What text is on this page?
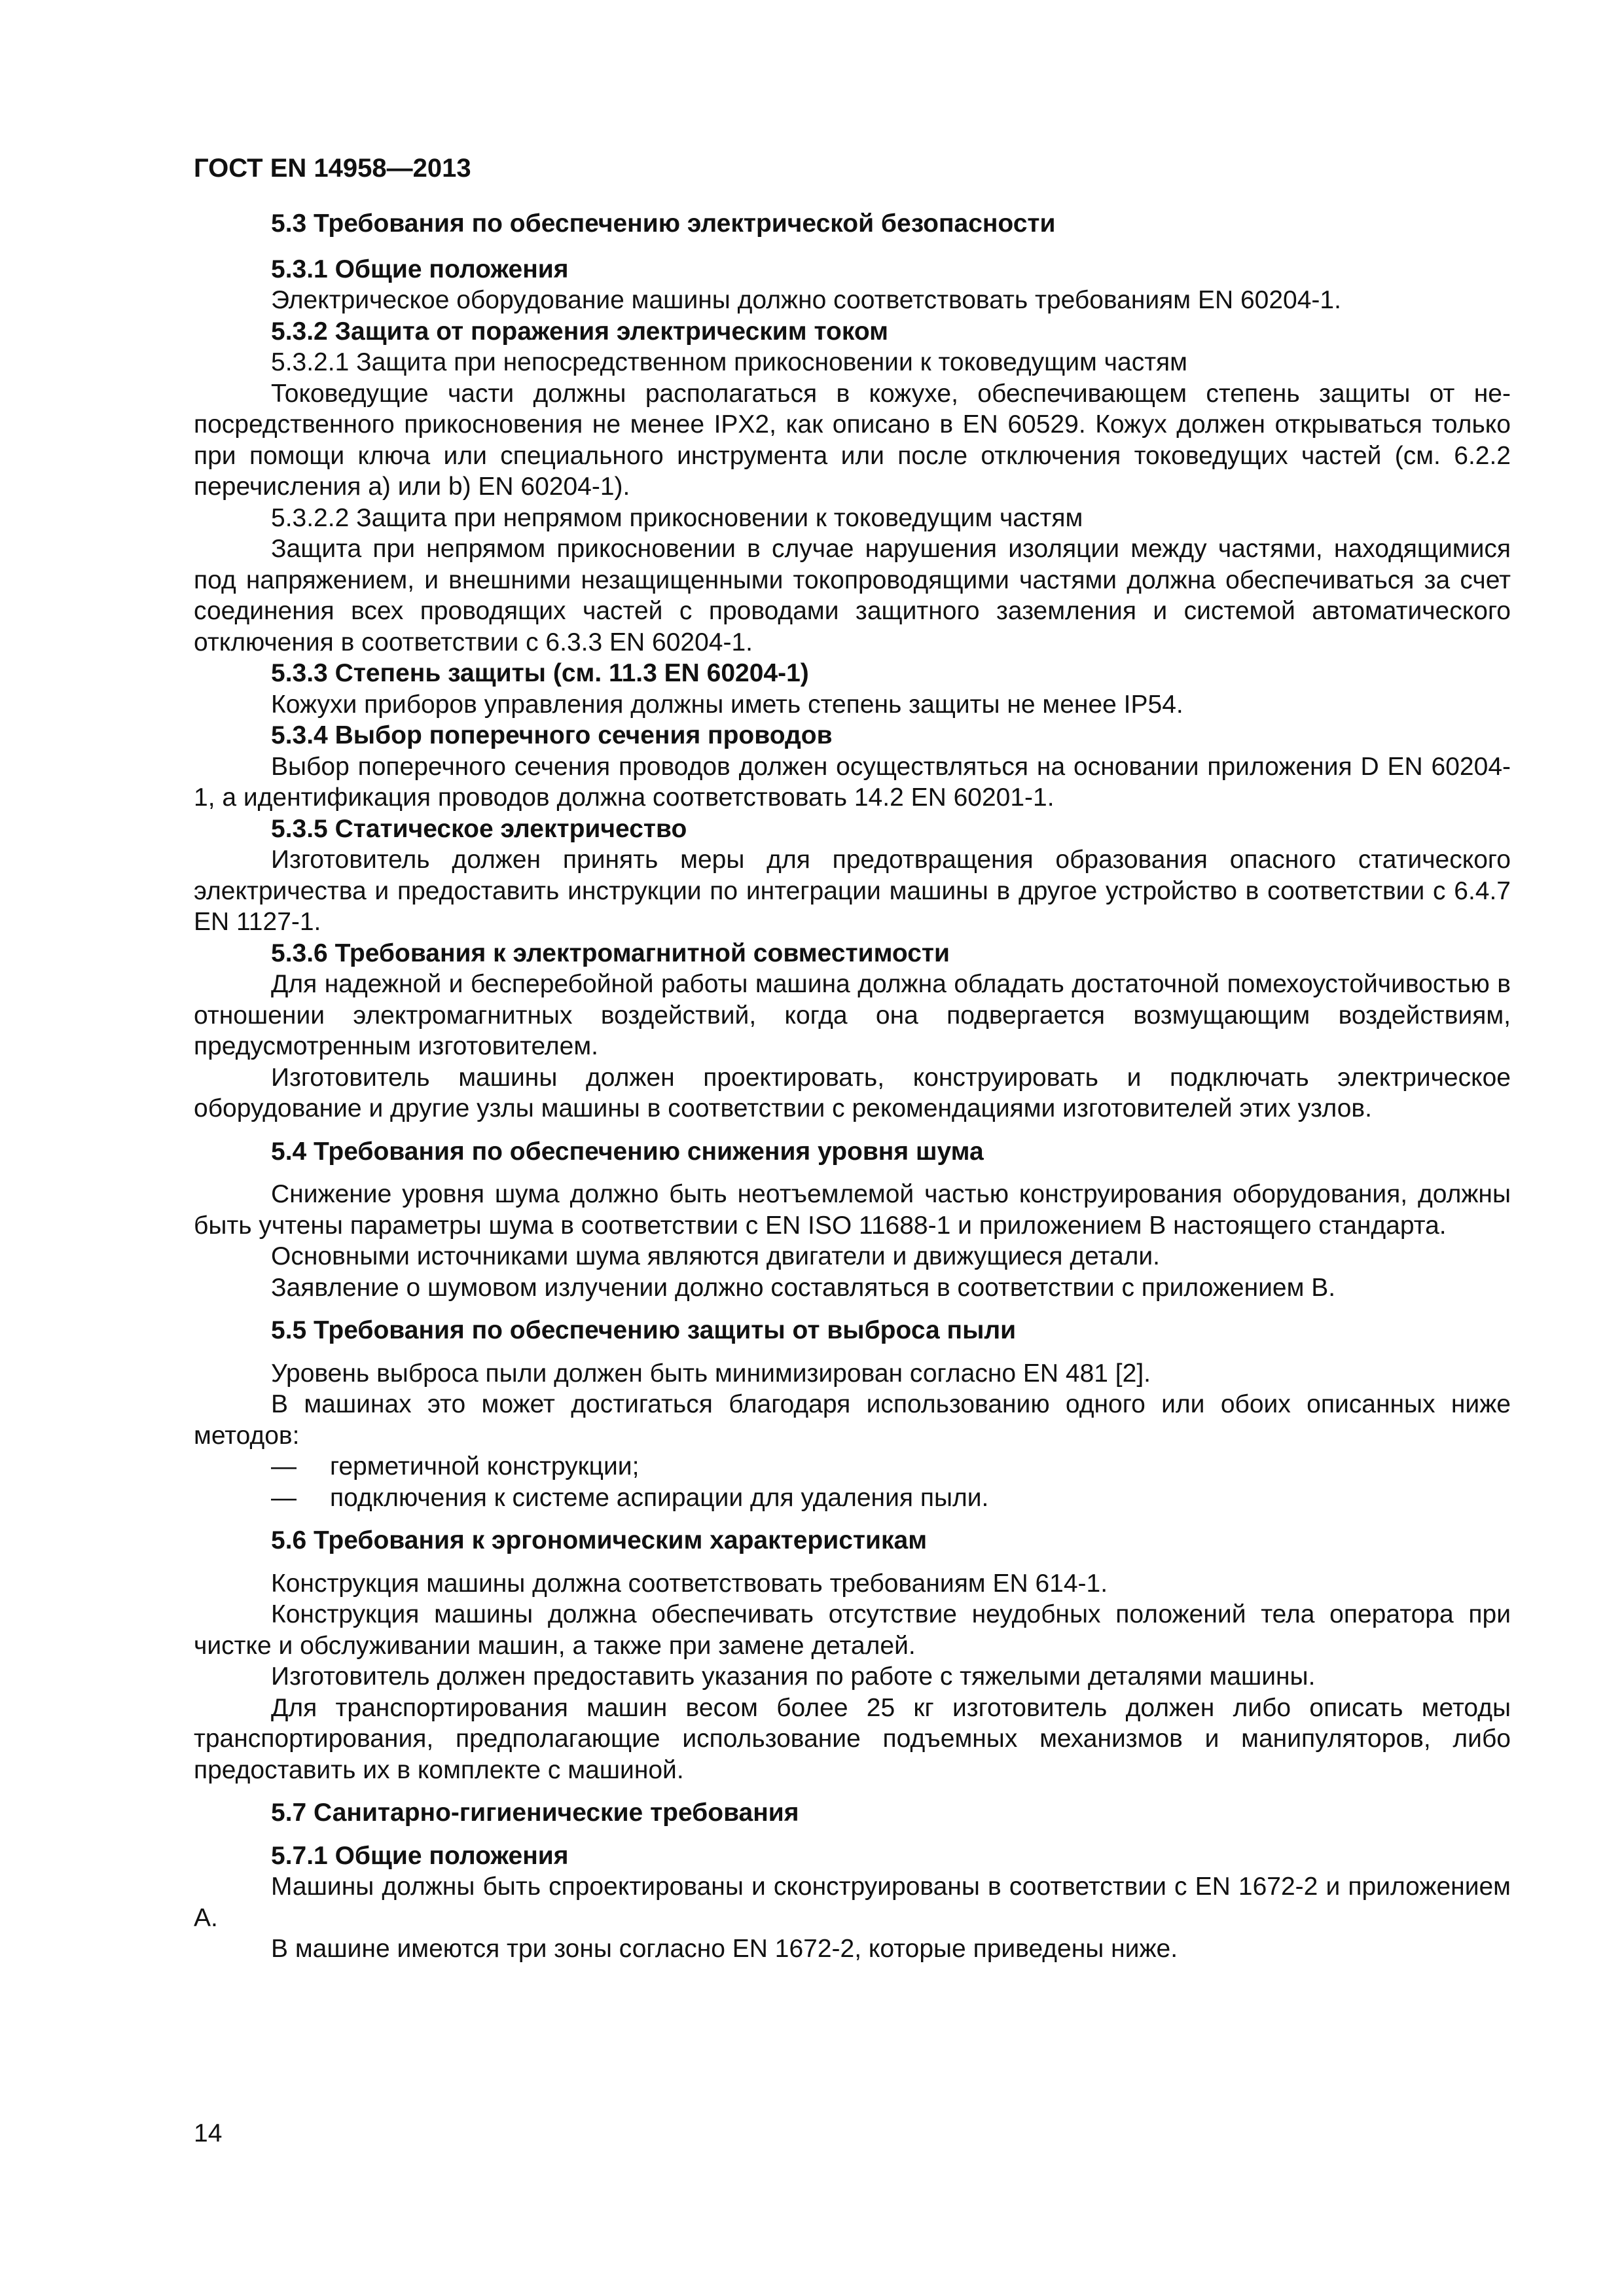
ГОСТ EN 14958—2013
5.3 Требования по обеспечению электрической безопасности
5.3.1 Общие положения
Электрическое оборудование машины должно соответствовать требованиям EN 60204-1.
5.3.2 Защита от поражения электрическим током
5.3.2.1 Защита при непосредственном прикосновении к токоведущим частям
Токоведущие части должны располагаться в кожухе, обеспечивающем степень защиты от непосредственного прикосновения не менее IPX2, как описано в EN 60529. Кожух должен открываться только при помощи ключа или специального инструмента или после отключения токоведущих частей (см. 6.2.2 перечисления a) или b) EN 60204-1).
5.3.2.2 Защита при непрямом прикосновении к токоведущим частям
Защита при непрямом прикосновении в случае нарушения изоляции между частями, находящимися под напряжением, и внешними незащищенными токопроводящими частями должна обеспечиваться за счет соединения всех проводящих частей с проводами защитного заземления и системой автоматического отключения в соответствии с 6.3.3 EN 60204-1.
5.3.3 Степень защиты (см. 11.3 EN 60204-1)
Кожухи приборов управления должны иметь степень защиты не менее IP54.
5.3.4 Выбор поперечного сечения проводов
Выбор поперечного сечения проводов должен осуществляться на основании приложения D EN 60204-1, а идентификация проводов должна соответствовать 14.2 EN 60201-1.
5.3.5 Статическое электричество
Изготовитель должен принять меры для предотвращения образования опасного статического электричества и предоставить инструкции по интеграции машины в другое устройство в соответствии с 6.4.7 EN 1127-1.
5.3.6 Требования к электромагнитной совместимости
Для надежной и бесперебойной работы машина должна обладать достаточной помехоустойчивостью в отношении электромагнитных воздействий, когда она подвергается возмущающим воздействиям, предусмотренным изготовителем.
Изготовитель машины должен проектировать, конструировать и подключать электрическое оборудование и другие узлы машины в соответствии с рекомендациями изготовителей этих узлов.
5.4 Требования по обеспечению снижения уровня шума
Снижение уровня шума должно быть неотъемлемой частью конструирования оборудования, должны быть учтены параметры шума в соответствии с EN ISO 11688-1 и приложением B настоящего стандарта.
Основными источниками шума являются двигатели и движущиеся детали.
Заявление о шумовом излучении должно составляться в соответствии с приложением B.
5.5 Требования по обеспечению защиты от выброса пыли
Уровень выброса пыли должен быть минимизирован согласно EN 481 [2].
В машинах это может достигаться благодаря использованию одного или обоих описанных ниже методов:
—	герметичной конструкции;
—	подключения к системе аспирации для удаления пыли.
5.6 Требования к эргономическим характеристикам
Конструкция машины должна соответствовать требованиям EN 614-1.
Конструкция машины должна обеспечивать отсутствие неудобных положений тела оператора при чистке и обслуживании машин, а также при замене деталей.
Изготовитель должен предоставить указания по работе с тяжелыми деталями машины.
Для транспортирования машин весом более 25 кг изготовитель должен либо описать методы транспортирования, предполагающие использование подъемных механизмов и манипуляторов, либо предоставить их в комплекте с машиной.
5.7 Санитарно-гигиенические требования
5.7.1 Общие положения
Машины должны быть спроектированы и сконструированы в соответствии с EN 1672-2 и приложением A.
В машине имеются три зоны согласно EN 1672-2, которые приведены ниже.
14
